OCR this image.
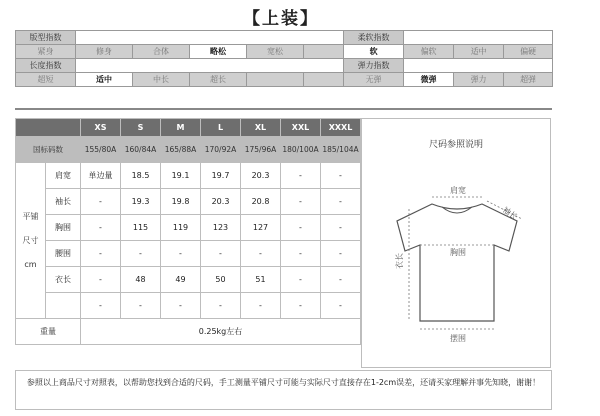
【上装】
版型指数						柔软指数			
紧身	修身	合体	略松	宽松		软	偏软	适中	偏硬
长度指数						弹力指数			
超短	适中	中长	超长			无弹	微弹	弹力	超弹
		XS	S	M	L	XL	XXL	XXXL
国标码数		155/80A	160/84A	165/88A	170/92A	175/96A	180/100A	185/104A

平铺
尺寸
cm	肩宽	单边量	18.5	19.1	19.7	20.3	-	-
	袖长	-	19.3	19.8	20.3	20.8	-	-
	胸围	-	115	119	123	127	-	-
	腰围	-	-	-	-	-	-	-
	衣长	-	48	49	50	51	-	-
		-	-	-	-	-	-	-
重量		0.25kg左右						
尺码参照说明
肩宽
袖长
胸围
衣长
摆围
参照以上商品尺寸对照表，以帮助您找到合适的尺码，手工测量平铺尺寸可能与实际尺寸直接存在1-2cm误差，还请买家理解并事先知晓，谢谢！
